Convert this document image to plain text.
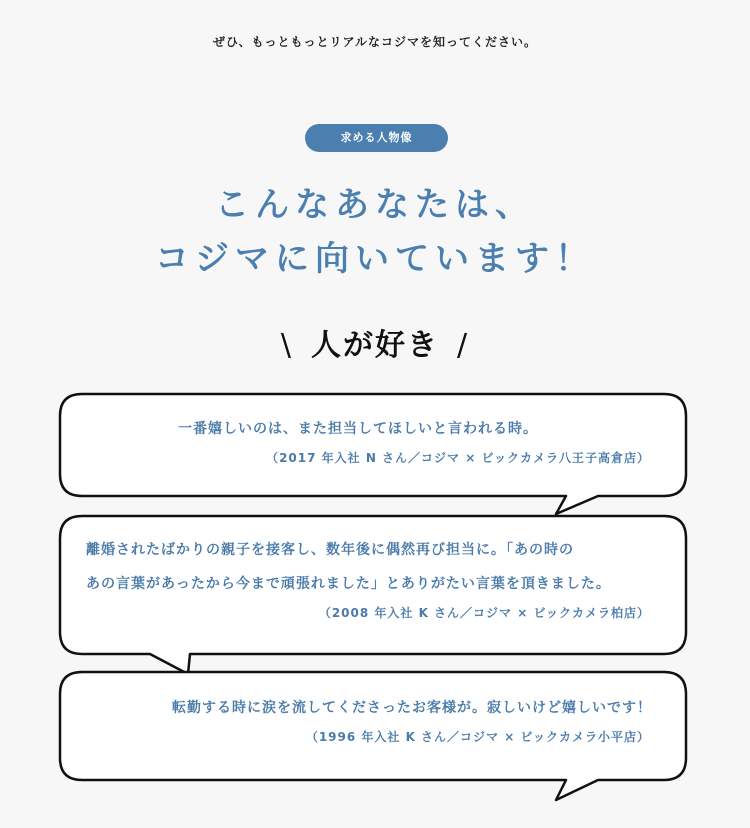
ぜひ、もっともっとリアルなコジマを知ってください。
求める人物像
こんなあなたは、
コジマに向いています！
\ 人が好き /
一番嬉しいのは、また担当してほしいと言われる時。
（2017 年入社 N さん／コジマ × ビックカメラ八王子高倉店）
離婚されたばかりの親子を接客し、数年後に偶然再び担当に。「あの時の
あの言葉があったから今まで頑張れました」とありがたい言葉を頂きました。
（2008 年入社 K さん／コジマ × ビックカメラ柏店）
転勤する時に涙を流してくださったお客様が。寂しいけど嬉しいです！
（1996 年入社 K さん／コジマ × ビックカメラ小平店）
